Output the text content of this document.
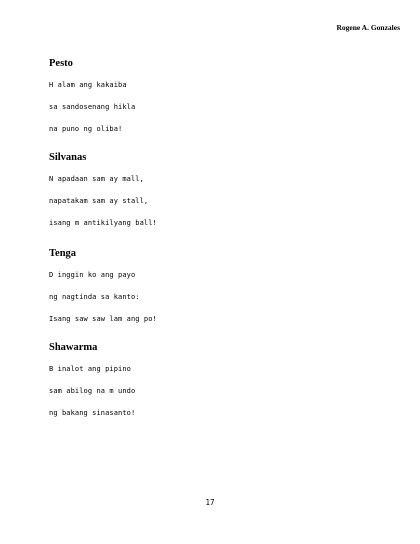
Rogene A. Gonzales
Pesto
H alam ang kakaiba
sa sandosenang hikla
na puno ng oliba!
Silvanas
N apadaan sam ay mall,
napatakam sam ay stall,
isang m antikilyang ball!
Tenga
D inggin ko ang payo
ng nagtinda sa kanto:
Isang saw saw lam ang po!
Shawarma
B inalot ang pipino
sam abilog na m undo
ng bakang sinasanto!
17
